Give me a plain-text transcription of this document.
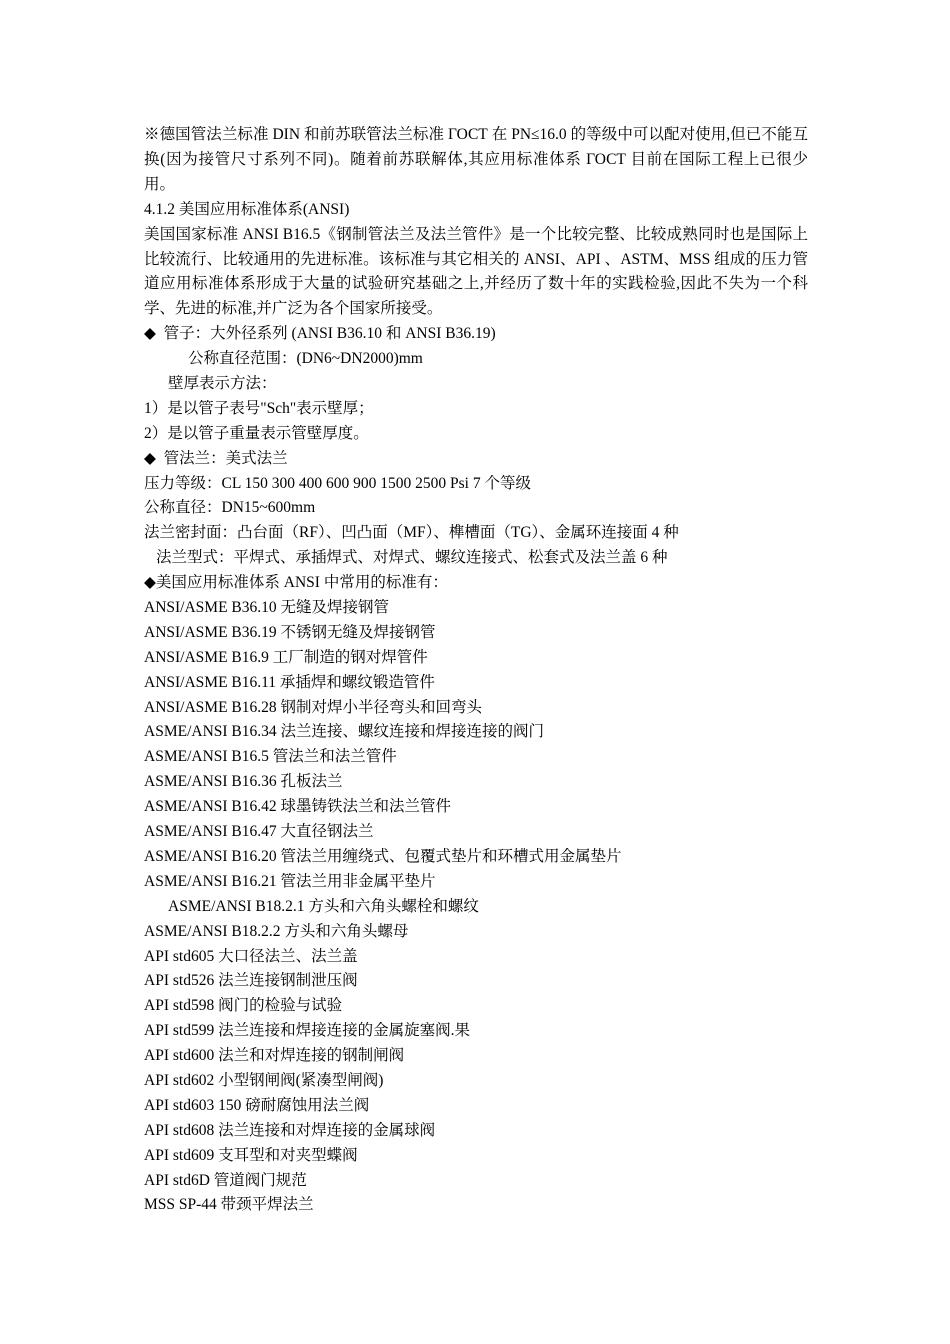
※德国管法兰标准 DIN 和前苏联管法兰标准 ГОСТ 在 PN≤16.0 的等级中可以配对使用,但已不能互换(因为接管尺寸系列不同)。随着前苏联解体,其应用标准体系 ГОСТ 目前在国际工程上已很少用。
4.1.2 美国应用标准体系(ANSI)
美国国家标准 ANSI B16.5《钢制管法兰及法兰管件》是一个比较完整、比较成熟同时也是国际上比较流行、比较通用的先进标准。该标准与其它相关的 ANSI、API 、ASTM、MSS 组成的压力管道应用标准体系形成于大量的试验研究基础之上,并经历了数十年的实践检验,因此不失为一个科学、先进的标准,并广泛为各个国家所接受。
◆ 管子：大外径系列 (ANSI B36.10 和 ANSI B36.19)
公称直径范围：(DN6~DN2000)mm
壁厚表示方法：
1）是以管子表号"Sch"表示壁厚；
2）是以管子重量表示管壁厚度。
◆ 管法兰：美式法兰
压力等级：CL 150 300 400 600 900 1500 2500 Psi 7 个等级
公称直径：DN15~600mm
法兰密封面：凸台面（RF）、凹凸面（MF）、榫槽面（TG）、金属环连接面 4 种
法兰型式：平焊式、承插焊式、对焊式、螺纹连接式、松套式及法兰盖 6 种
◆美国应用标准体系 ANSI 中常用的标准有：
ANSI/ASME B36.10 无缝及焊接钢管
ANSI/ASME B36.19 不锈钢无缝及焊接钢管
ANSI/ASME B16.9 工厂制造的钢对焊管件
ANSI/ASME B16.11 承插焊和螺纹锻造管件
ANSI/ASME B16.28 钢制对焊小半径弯头和回弯头
ASME/ANSI B16.34 法兰连接、螺纹连接和焊接连接的阀门
ASME/ANSI B16.5 管法兰和法兰管件
ASME/ANSI B16.36 孔板法兰
ASME/ANSI B16.42 球墨铸铁法兰和法兰管件
ASME/ANSI B16.47 大直径钢法兰
ASME/ANSI B16.20 管法兰用缠绕式、包覆式垫片和环槽式用金属垫片
ASME/ANSI B16.21 管法兰用非金属平垫片
ASME/ANSI B18.2.1 方头和六角头螺栓和螺纹
ASME/ANSI B18.2.2 方头和六角头螺母
API std605 大口径法兰、法兰盖
API std526 法兰连接钢制泄压阀
API std598 阀门的检验与试验
API std599 法兰连接和焊接连接的金属旋塞阀.果
API std600 法兰和对焊连接的钢制闸阀
API std602 小型钢闸阀(紧凑型闸阀)
API std603 150 磅耐腐蚀用法兰阀
API std608 法兰连接和对焊连接的金属球阀
API std609 支耳型和对夹型蝶阀
API std6D 管道阀门规范
MSS SP-44 带颈平焊法兰
